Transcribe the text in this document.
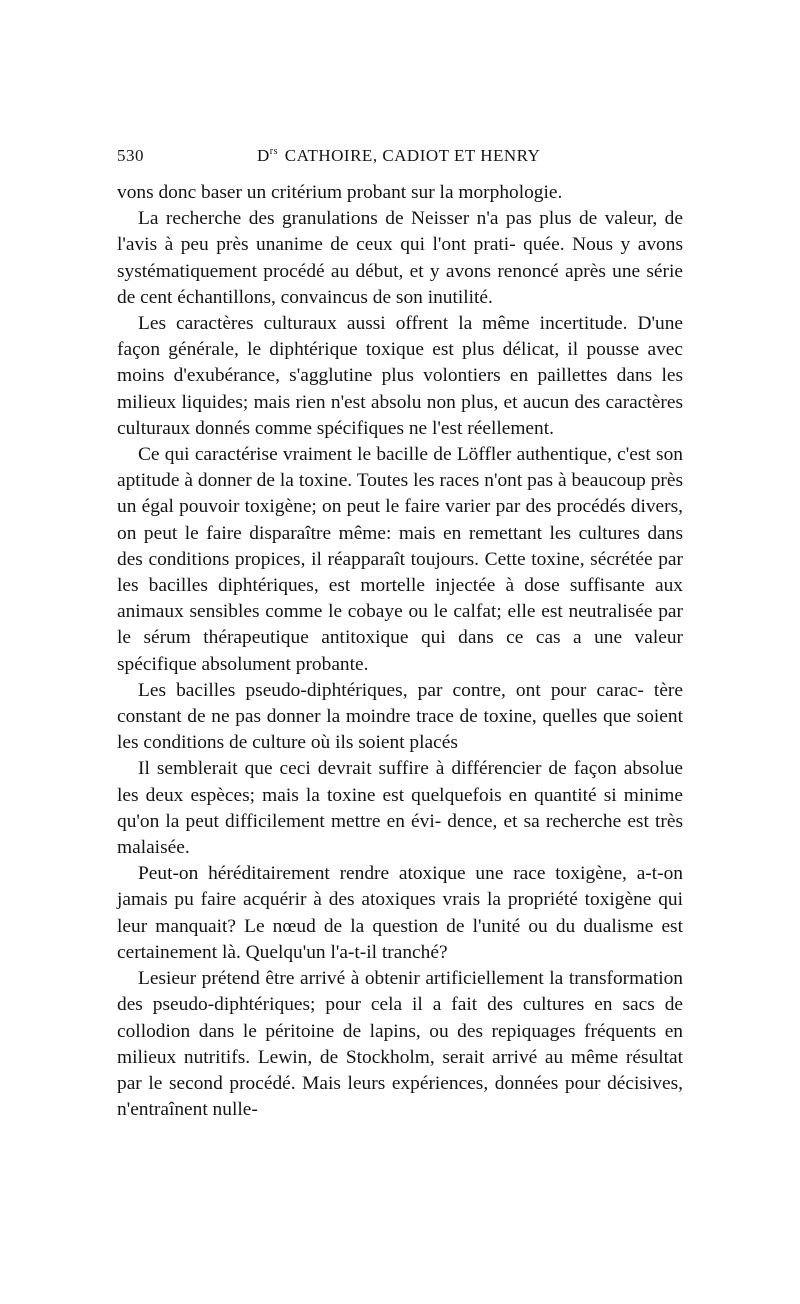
530	$D^{rs}$ CATHOIRE, CADIOT ET HENRY

vons donc baser un critérium probant sur la morphologie.

La recherche des granulations de Neisser n'a pas plus de valeur, de l'avis à peu près unanime de ceux qui l'ont prati- quée. Nous y avons systématiquement procédé au début, et y avons renoncé après une série de cent échantillons, convaincus de son inutilité.

Les caractères culturaux aussi offrent la même incertitude. D'une façon générale, le diphtérique toxique est plus délicat, il pousse avec moins d'exubérance, s'agglutine plus volontiers en paillettes dans les milieux liquides; mais rien n'est absolu non plus, et aucun des caractères culturaux donnés comme spécifiques ne l'est réellement.

Ce qui caractérise vraiment le bacille de Löffler authentique, c'est son aptitude à donner de la toxine. Toutes les races n'ont pas à beaucoup près un égal pouvoir toxigène; on peut le faire varier par des procédés divers, on peut le faire disparaître même: mais en remettant les cultures dans des conditions propices, il réapparaît toujours. Cette toxine, sécrétée par les bacilles diphtériques, est mortelle injectée à dose suffisante aux animaux sensibles comme le cobaye ou le calfat; elle est neutralisée par le sérum thérapeutique antitoxique qui dans ce cas a une valeur spécifique absolument probante.

Les bacilles pseudo-diphtériques, par contre, ont pour carac- tère constant de ne pas donner la moindre trace de toxine, quelles que soient les conditions de culture où ils soient placés

Il semblerait que ceci devrait suffire à différencier de façon absolue les deux espèces; mais la toxine est quelquefois en quantité si minime qu'on la peut difficilement mettre en évi- dence, et sa recherche est très malaisée.

Peut-on héréditairement rendre atoxique une race toxigène, a-t-on jamais pu faire acquérir à des atoxiques vrais la propriété toxigène qui leur manquait? Le nœud de la question de l'unité ou du dualisme est certainement là. Quelqu'un l'a-t-il tranché?

Lesieur prétend être arrivé à obtenir artificiellement la transformation des pseudo-diphtériques; pour cela il a fait des cultures en sacs de collodion dans le péritoine de lapins, ou des repiquages fréquents en milieux nutritifs. Lewin, de Stockholm, serait arrivé au même résultat par le second procédé. Mais leurs expériences, données pour décisives, n'entraînent nulle-
